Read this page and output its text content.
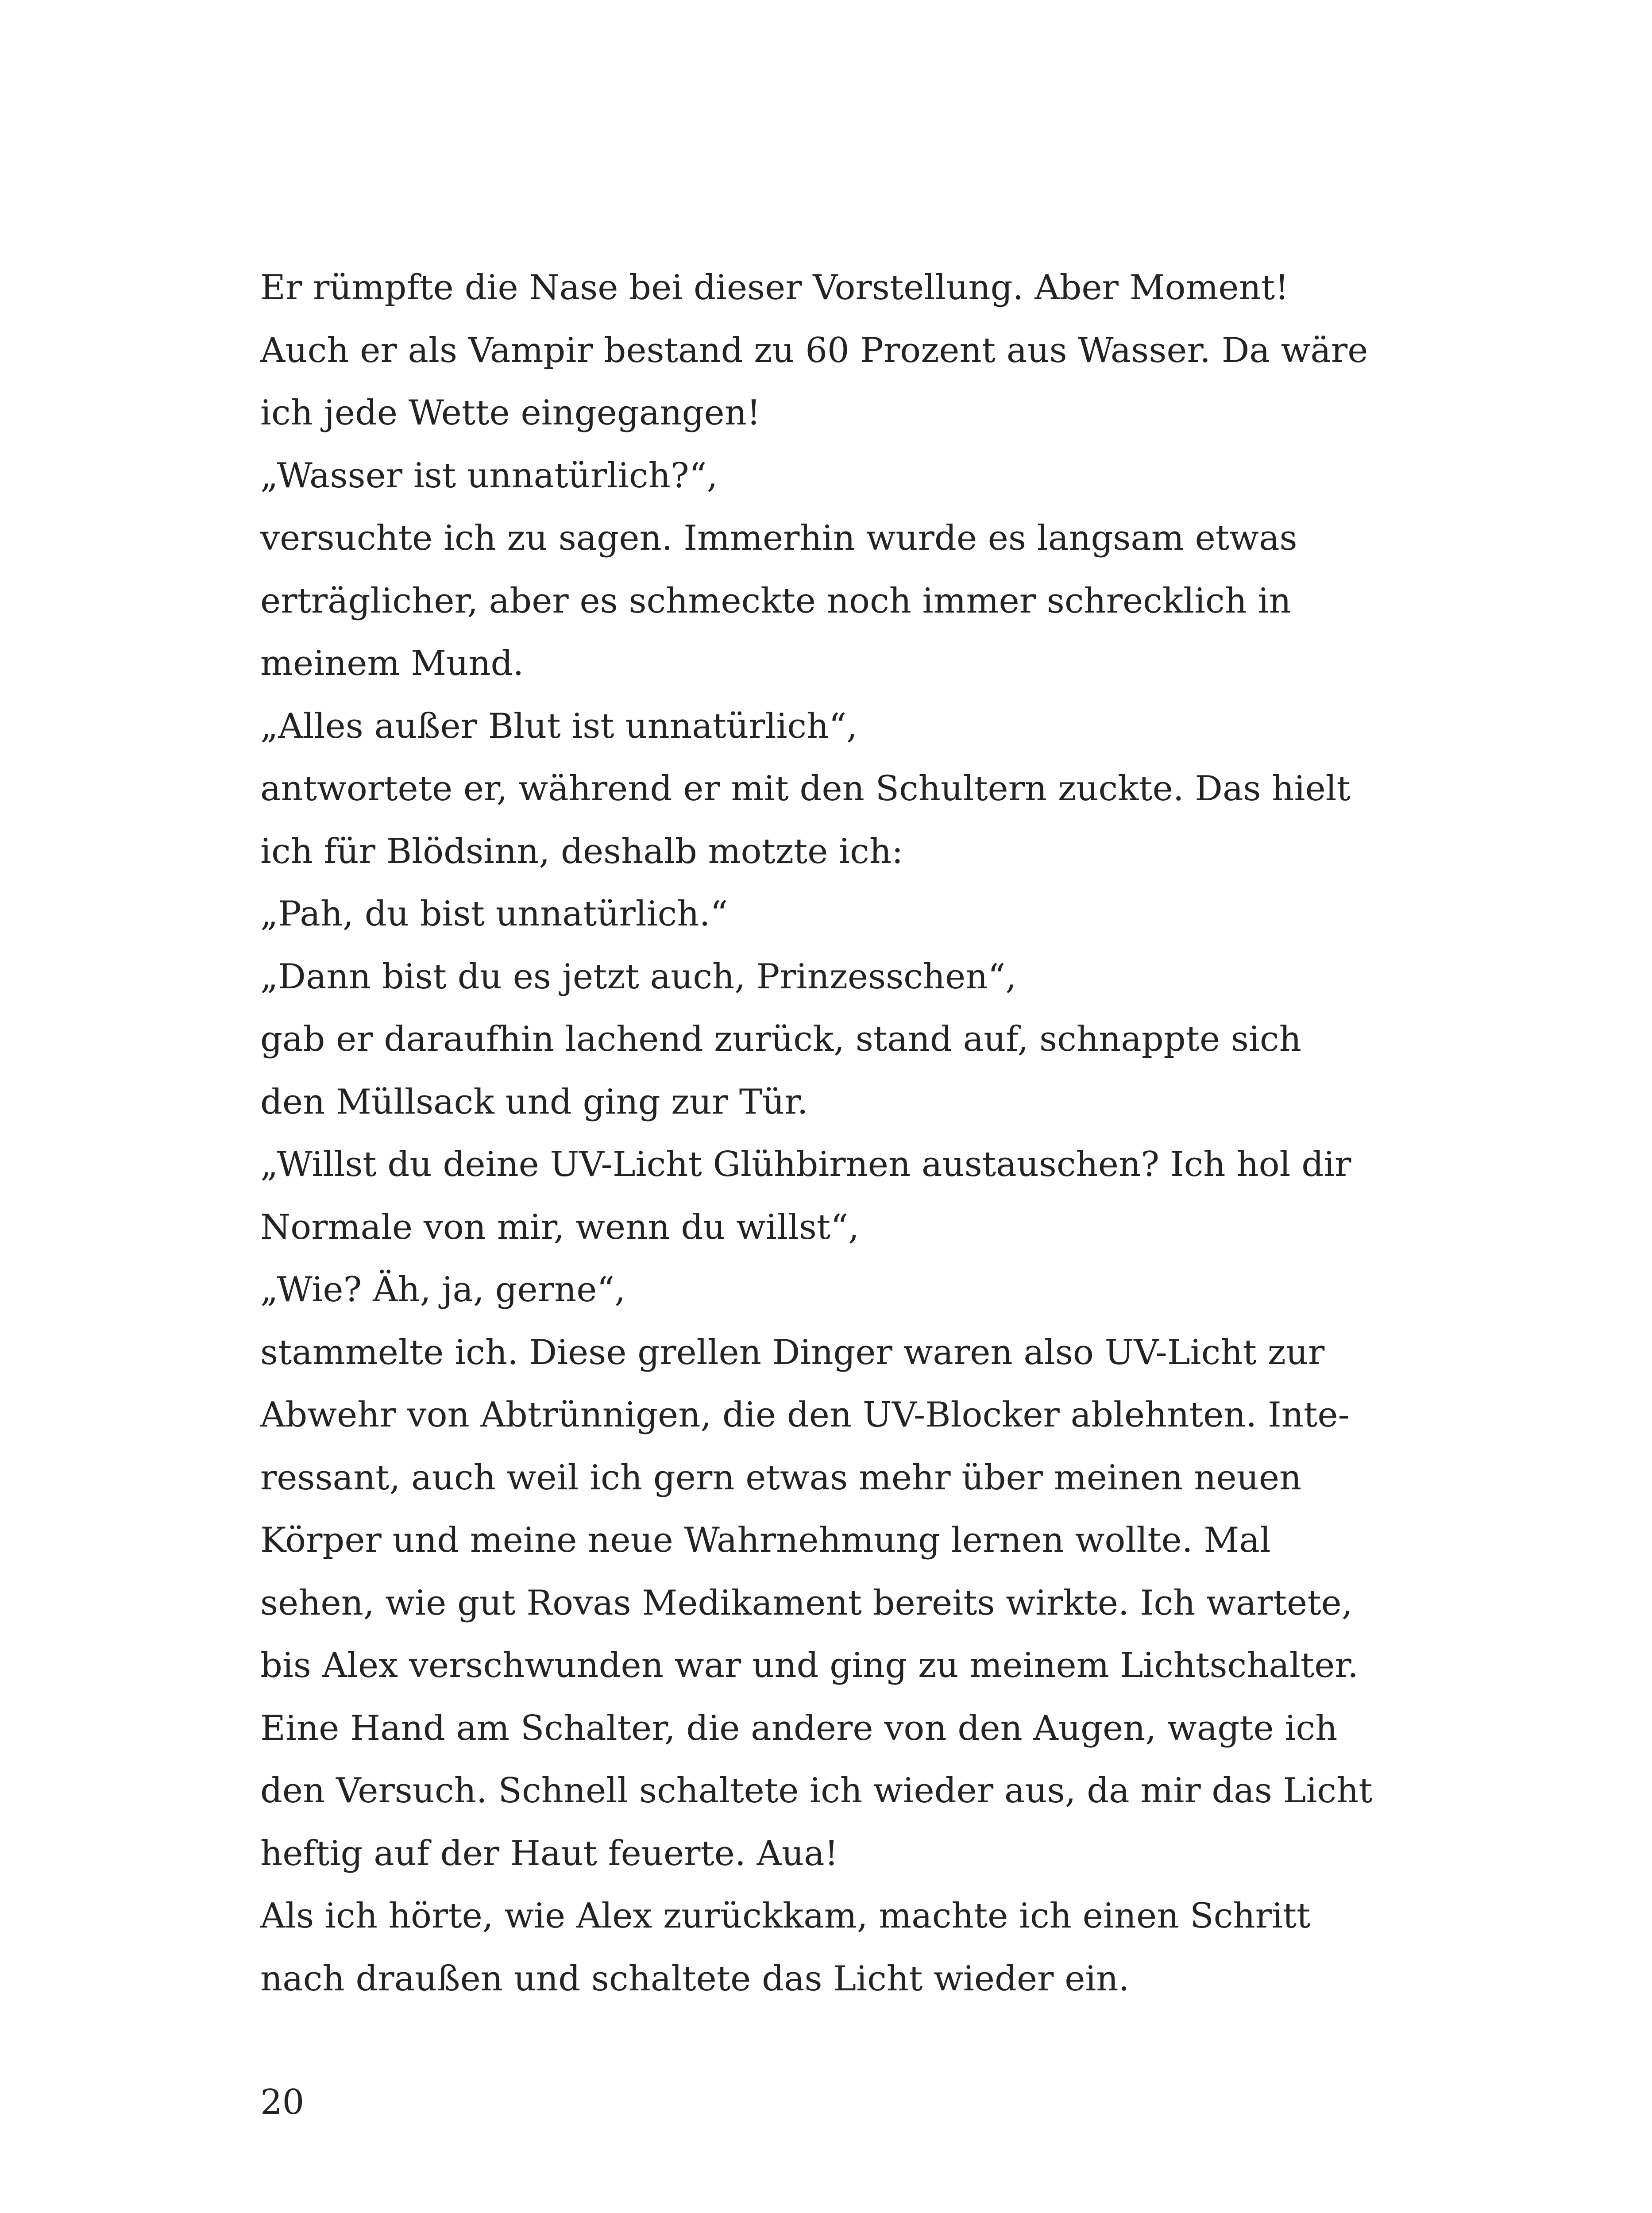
Er rümpfte die Nase bei dieser Vorstellung. Aber Moment!
Auch er als Vampir bestand zu 60 Prozent aus Wasser. Da wäre
ich jede Wette eingegangen!
„Wasser ist unnatürlich?“,
versuchte ich zu sagen. Immerhin wurde es langsam etwas
erträglicher, aber es schmeckte noch immer schrecklich in
meinem Mund.
„Alles außer Blut ist unnatürlich“,
antwortete er, während er mit den Schultern zuckte. Das hielt
ich für Blödsinn, deshalb motzte ich:
„Pah, du bist unnatürlich.“
„Dann bist du es jetzt auch, Prinzesschen“,
gab er daraufhin lachend zurück, stand auf, schnappte sich
den Müllsack und ging zur Tür.
„Willst du deine UV-Licht Glühbirnen austauschen? Ich hol dir
Normale von mir, wenn du willst“,
„Wie? Äh, ja, gerne“,
stammelte ich. Diese grellen Dinger waren also UV-Licht zur
Abwehr von Abtrünnigen, die den UV-Blocker ablehnten. Inte-
ressant, auch weil ich gern etwas mehr über meinen neuen
Körper und meine neue Wahrnehmung lernen wollte. Mal
sehen, wie gut Rovas Medikament bereits wirkte. Ich wartete,
bis Alex verschwunden war und ging zu meinem Lichtschalter.
Eine Hand am Schalter, die andere von den Augen, wagte ich
den Versuch. Schnell schaltete ich wieder aus, da mir das Licht
heftig auf der Haut feuerte. Aua!
Als ich hörte, wie Alex zurückkam, machte ich einen Schritt
nach draußen und schaltete das Licht wieder ein.
20
